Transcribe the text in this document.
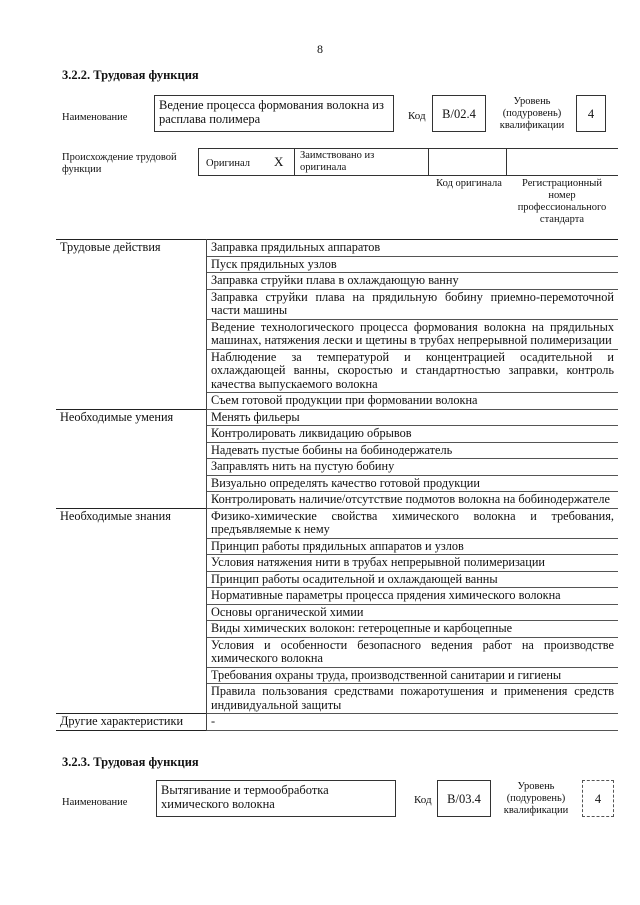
8
3.2.2. Трудовая функция
Наименование
Ведение процесса формования волокна из расплава полимера	Код	B/02.4
Уровень (подуровень) квалификации
4
Происхождение трудовой функции
Оригинал X Заимствовано из оригинала
Код оригинала	Регистрационный номер профессионального стандарта
Трудовые действия	Заправка прядильных аппаратов
	Пуск прядильных узлов
	Заправка струйки плава в охлаждающую ванну
	Заправка струйки плава на прядильную бобину приемно-перемоточной части машины
	Ведение технологического процесса формования волокна на прядильных машинах, натяжения лески и щетины в трубах непрерывной полимеризации
	Наблюдение за температурой и концентрацией осадительной и охлаждающей ванны, скоростью и стандартностью заправки, контроль качества выпускаемого волокна
	Съем готовой продукции при формовании волокна
Необходимые умения	Менять фильеры
	Контролировать ликвидацию обрывов
	Надевать пустые бобины на бобинодержатель
	Заправлять нить на пустую бобину
	Визуально определять качество готовой продукции
	Контролировать наличие/отсутствие подмотов волокна на бобинодержателе
Необходимые знания	Физико-химические свойства химического волокна и требования, предъявляемые к нему
	Принцип работы прядильных аппаратов и узлов
	Условия натяжения нити в трубах непрерывной полимеризации
	Принцип работы осадительной и охлаждающей ванны
	Нормативные параметры процесса прядения химического волокна
	Основы органической химии
	Виды химических волокон: гетероцепные и карбоцепные
	Условия и особенности безопасного ведения работ на производстве химического волокна
	Требования охраны труда, производственной санитарии и гигиены
	Правила пользования средствами пожаротушения и применения средств индивидуальной защиты
Другие характеристики	-
3.2.3. Трудовая функция
Наименование
Вытягивание и термообработка химического волокна	Код	B/03.4
Уровень (подуровень) квалификации
4
